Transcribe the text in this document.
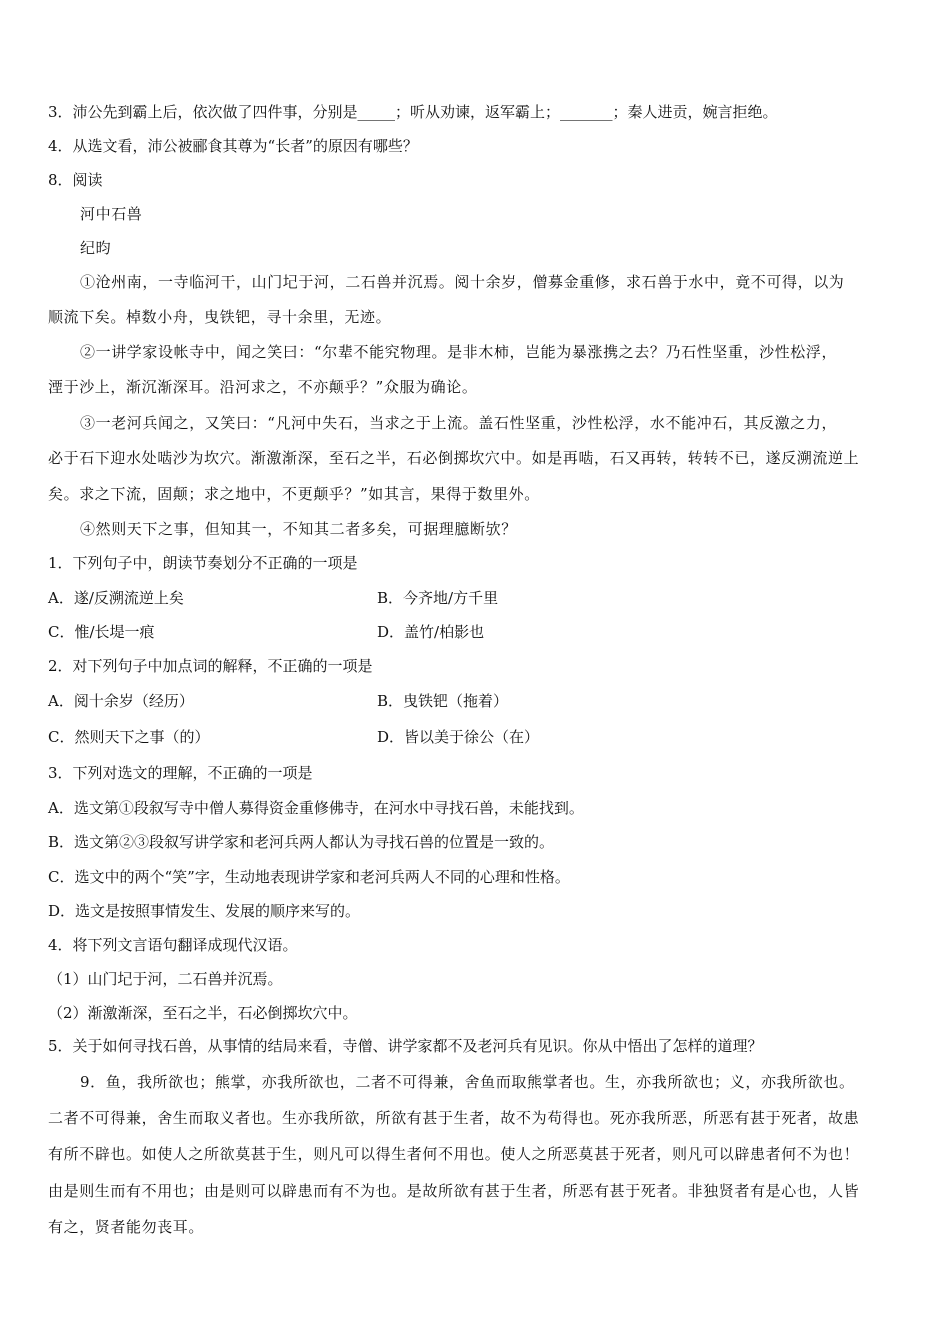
3．沛公先到霸上后，依次做了四件事，分别是_____；听从劝谏，返军霸上；_______；秦人进贡，婉言拒绝。
4．从选文看，沛公被郦食其尊为“长者”的原因有哪些？
8．阅读
河中石兽
纪昀
①沧州南，一寺临河干，山门圮于河，二石兽并沉焉。阅十余岁，僧募金重修，求石兽于水中，竟不可得，以为
顺流下矣。棹数小舟，曳铁钯，寻十余里，无迹。
②一讲学家设帐寺中，闻之笑曰：“尔辈不能究物理。是非木柿，岂能为暴涨携之去？乃石性坚重，沙性松浮，
湮于沙上，渐沉渐深耳。沿河求之，不亦颠乎？”众服为确论。
③一老河兵闻之，又笑曰：“凡河中失石，当求之于上流。盖石性坚重，沙性松浮，水不能冲石，其反激之力，
必于石下迎水处啮沙为坎穴。渐激渐深，至石之半，石必倒掷坎穴中。如是再啮，石又再转，转转不已，遂反溯流逆上
矣。求之下流，固颠；求之地中，不更颠乎？”如其言，果得于数里外。
④然则天下之事，但知其一，不知其二者多矣，可据理臆断欤？
1．下列句子中，朗读节奏划分不正确的一项是
A．遂/反溯流逆上矣	B．今齐地/方千里
C．惟/长堤一痕	D．盖竹/柏影也
2．对下列句子中加点词的解释，不正确的一项是
A．阅十余岁（经历）	B．曳铁钯（拖着）
C．然则天下之事（的）	D．皆以美于徐公（在）
3．下列对选文的理解，不正确的一项是
A．选文第①段叙写寺中僧人募得资金重修佛寺，在河水中寻找石兽，未能找到。
B．选文第②③段叙写讲学家和老河兵两人都认为寻找石兽的位置是一致的。
C．选文中的两个“笑”字，生动地表现讲学家和老河兵两人不同的心理和性格。
D．选文是按照事情发生、发展的顺序来写的。
4．将下列文言语句翻译成现代汉语。
（1）山门圮于河，二石兽并沉焉。
（2）渐激渐深，至石之半，石必倒掷坎穴中。
5．关于如何寻找石兽，从事情的结局来看，寺僧、讲学家都不及老河兵有见识。你从中悟出了怎样的道理？
9．鱼，我所欲也；熊掌，亦我所欲也，二者不可得兼，舍鱼而取熊掌者也。生，亦我所欲也；义，亦我所欲也。
二者不可得兼，舍生而取义者也。生亦我所欲，所欲有甚于生者，故不为苟得也。死亦我所恶，所恶有甚于死者，故患
有所不辟也。如使人之所欲莫甚于生，则凡可以得生者何不用也。使人之所恶莫甚于死者，则凡可以辟患者何不为也！
由是则生而有不用也；由是则可以辟患而有不为也。是故所欲有甚于生者，所恶有甚于死者。非独贤者有是心也，人皆
有之，贤者能勿丧耳。
